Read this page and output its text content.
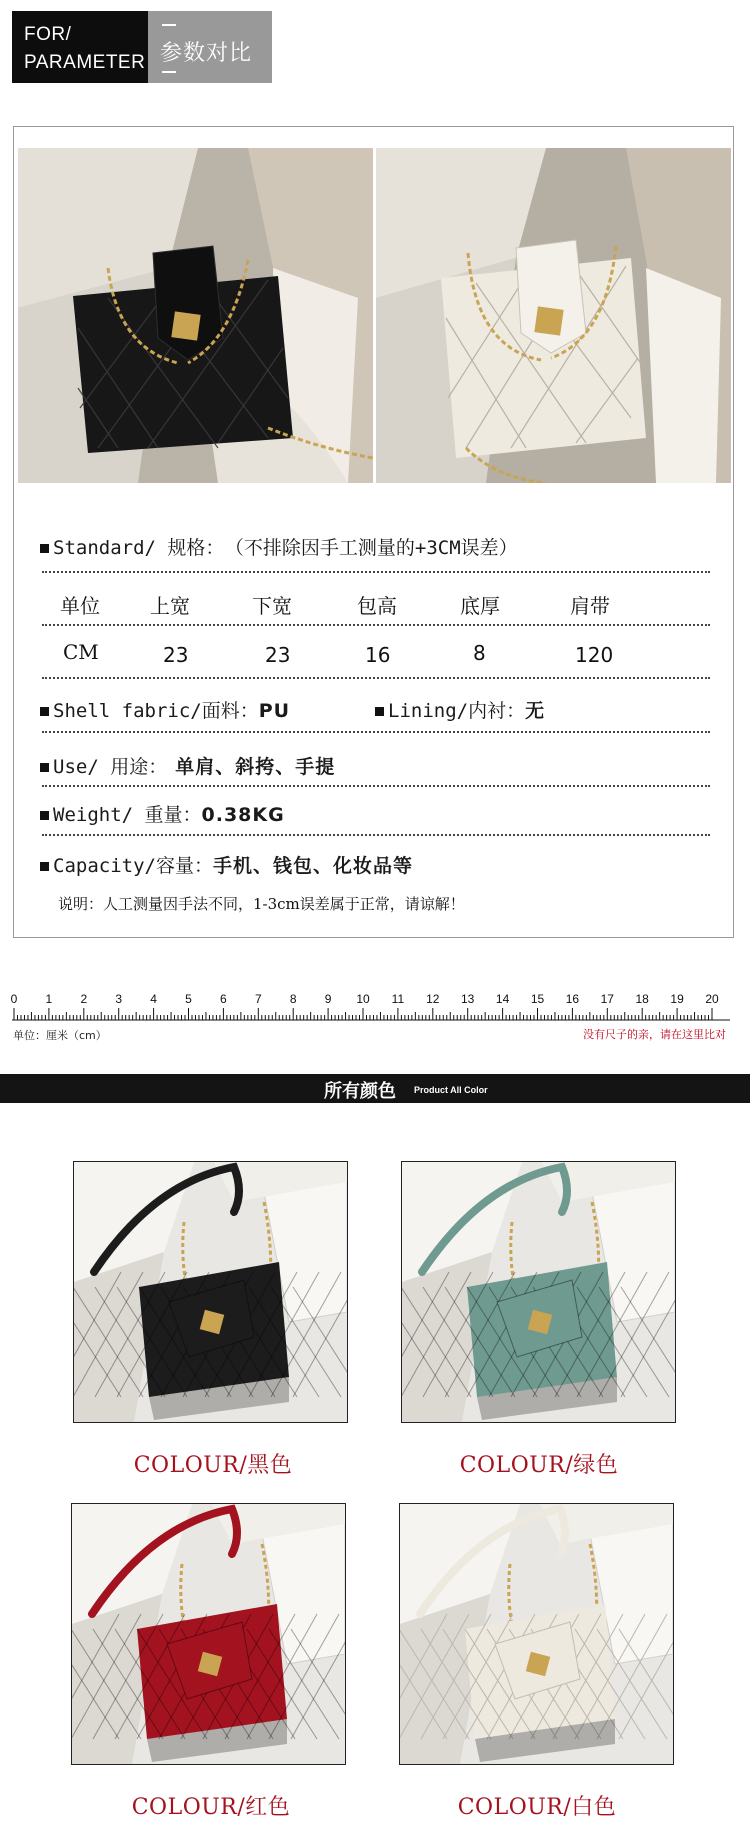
FOR/
PARAMETER 参数对比
Standard/ 规格： （不排除因手工测量的+3CM误差）
单位	上宽	下宽	包高	底厚	肩带
CM	23	23	16	8	120
Shell fabric/面料：PU	Lining/内衬：无
Use/ 用途： 单肩、斜挎、手提
Weight/ 重量：0.38KG
Capacity/容量：手机、钱包、化妆品等
说明：人工测量因手法不同，1-3cm误差属于正常，请谅解！
0 1 2 3 4 5 6 7 8 9 10 11 12 13 14 15 16 17 18 19 20
单位：厘米（cm）	没有尺子的亲，请在这里比对
所有颜色 Product All Color
COLOUR/黑色	COLOUR/绿色
COLOUR/红色	COLOUR/白色
